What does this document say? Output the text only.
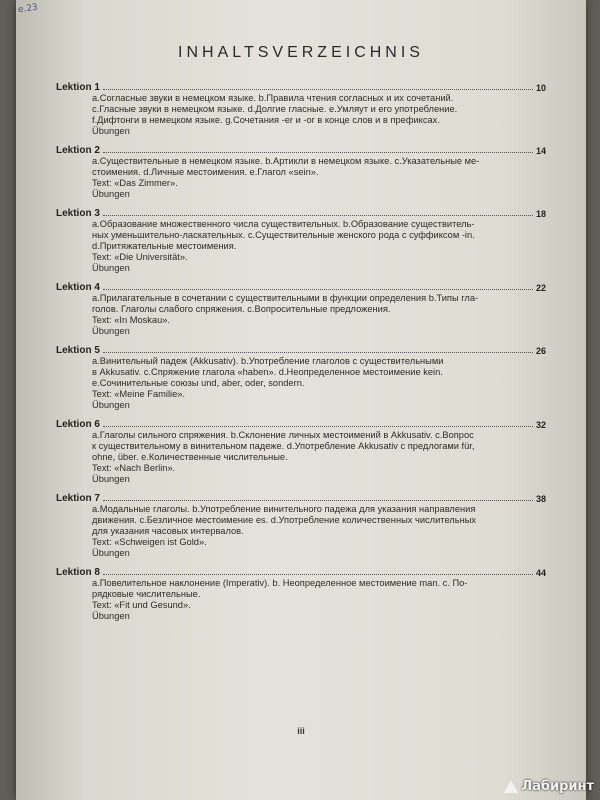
е.23
INHALTSVERZEICHNIS
Lektion 1	10

a.Согласные звуки в немецком языке. b.Правила чтения согласных и их сочетаний.

c.Гласные звуки в немецком языке. d.Долгие гласные. e.Умляут и его употребление.

f.Дифтонги в немецком языке. g.Сочетания -er и -or в конце слов и в префиксах.

Übungen

Lektion 2	14

a.Существительные в немецком языке. b.Артикли в немецком языке. c.Указательные ме-

стоимения. d.Личные местоимения. e.Глагол «sein».

Text: «Das Zimmer».

Übungen

Lektion 3	18

a.Образование множественного числа существительных. b.Образование существитель-

ных уменьшительно-ласкательных. c.Существительные женского рода с суффиксом -in.

d.Притяжательные местоимения.

Text: «Die Universität».

Übungen

Lektion 4	22

a.Прилагательные в сочетании с существительными в функции определения b.Типы гла-

голов. Глаголы слабого спряжения. c.Вопросительные предложения.

Text: «In Moskau».

Übungen

Lektion 5	26

a.Винительный падеж (Akkusativ). b.Употребление глаголов с существительными

в Akkusativ. c.Спряжение глагола «haben». d.Неопределенное местоимение kein.

e.Сочинительные союзы und, aber, oder, sondern.

Text: «Meine Familie».

Übungen

Lektion 6	32

a.Глаголы сильного спряжения. b.Склонение личных местоимений в Akkusativ. c.Вопрос

к существительному в винительном падеже. d.Употребление Akkusativ с предлогами für,

ohne, über. e.Количественные числительные.

Text: «Nach Berlin».

Übungen

Lektion 7	38

a.Модальные глаголы. b.Употребление винительного падежа для указания направления

движения. c.Безличное местоимение es. d.Употребление количественных числительных

для указания часовых интервалов.

Text: «Schweigen ist Gold».

Übungen

Lektion 8	44

a.Повелительное наклонение (Imperativ). b. Неопределенное местоимение man. c. По-

рядковые числительные.

Text: «Fit und Gesund».

Übungen

iii
Лабиринт
